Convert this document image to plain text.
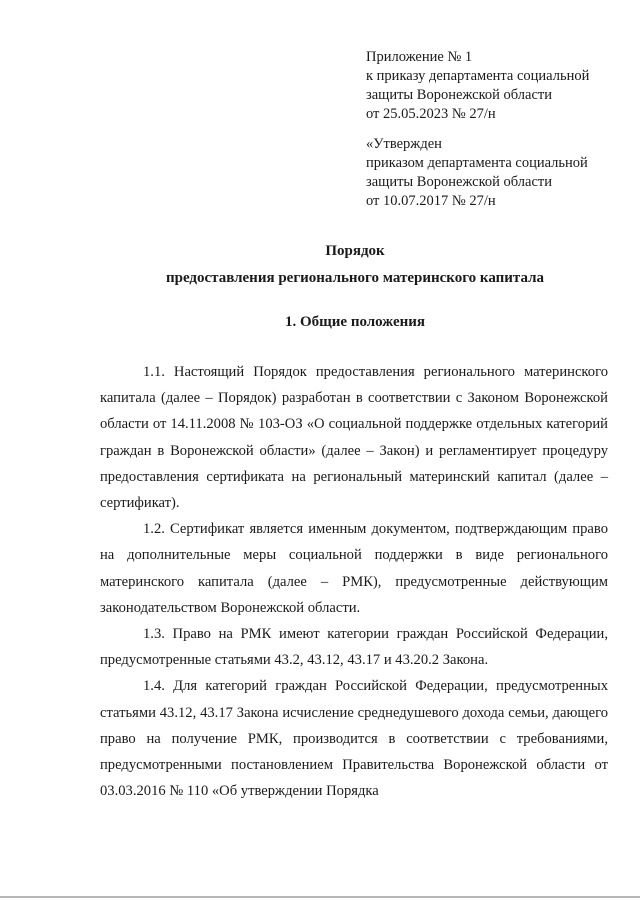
Приложение № 1
к приказу департамента социальной
защиты Воронежской области
от 25.05.2023 № 27/н
«Утвержден
приказом департамента социальной
защиты Воронежской области
от 10.07.2017 № 27/н
Порядок
предоставления регионального материнского капитала
1. Общие положения

1.1. Настоящий Порядок предоставления регионального материнского капитала (далее – Порядок) разработан в соответствии с Законом Воронежской области от 14.11.2008 № 103-ОЗ «О социальной поддержке отдельных категорий граждан в Воронежской области» (далее – Закон) и регламентирует процедуру предоставления сертификата на региональный материнский капитал (далее – сертификат).

1.2. Сертификат является именным документом, подтверждающим право на дополнительные меры социальной поддержки в виде регионального материнского капитала (далее – РМК), предусмотренные действующим законодательством Воронежской области.

1.3. Право на РМК имеют категории граждан Российской Федерации, предусмотренные статьями 43.2, 43.12, 43.17 и 43.20.2 Закона.

1.4. Для категорий граждан Российской Федерации, предусмотренных статьями 43.12, 43.17 Закона исчисление среднедушевого дохода семьи, дающего право на получение РМК, производится в соответствии с требованиями, предусмотренными постановлением Правительства Воронежской области от 03.03.2016 № 110 «Об утверждении Порядка
